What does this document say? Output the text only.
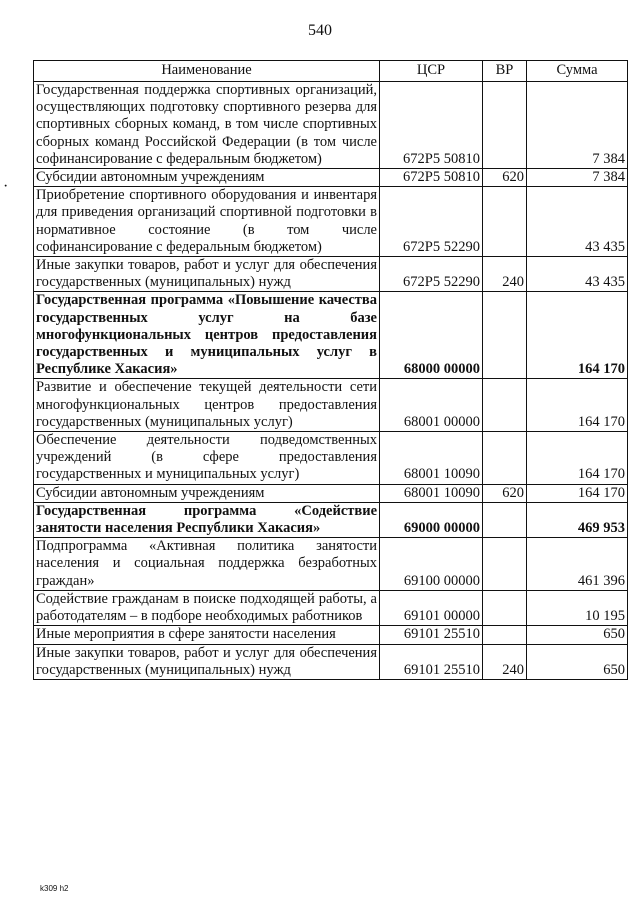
540
·
Наименование	ЦСР	ВР	Сумма
Государственная поддержка спортивных организаций, осуществляющих подготовку спортивного резерва для спортивных сборных команд, в том числе спортивных сборных команд Российской Федерации (в том числе софинансирование с федеральным бюджетом)	672P5 50810		7 384
Субсидии автономным учреждениям	672P5 50810	620	7 384
Приобретение спортивного оборудования и инвентаря для приведения организаций спортивной подготовки в нормативное состояние (в том числе софинансирование с федеральным бюджетом)	672P5 52290		43 435
Иные закупки товаров, работ и услуг для обеспечения государственных (муниципальных) нужд	672P5 52290	240	43 435
Государственная программа «Повышение качества государственных услуг на базе многофункциональных центров предоставления государственных и муниципальных услуг в Республике Хакасия»	68000 00000		164 170
Развитие и обеспечение текущей деятельности сети многофункциональных центров предоставления государственных (муниципальных услуг)	68001 00000		164 170
Обеспечение деятельности подведомственных учреждений (в сфере предоставления государственных и муниципальных услуг)	68001 10090		164 170
Субсидии автономным учреждениям	68001 10090	620	164 170
Государственная программа «Содействие занятости населения Республики Хакасия»	69000 00000		469 953
Подпрограмма «Активная политика занятости населения и социальная поддержка безработных граждан»	69100 00000		461 396
Содействие гражданам в поиске подходящей работы, а работодателям – в подборе необходимых работников	69101 00000		10 195
Иные мероприятия в сфере занятости населения	69101 25510		650
Иные закупки товаров, работ и услуг для обеспечения государственных (муниципальных) нужд	69101 25510	240	650
k309 h2
